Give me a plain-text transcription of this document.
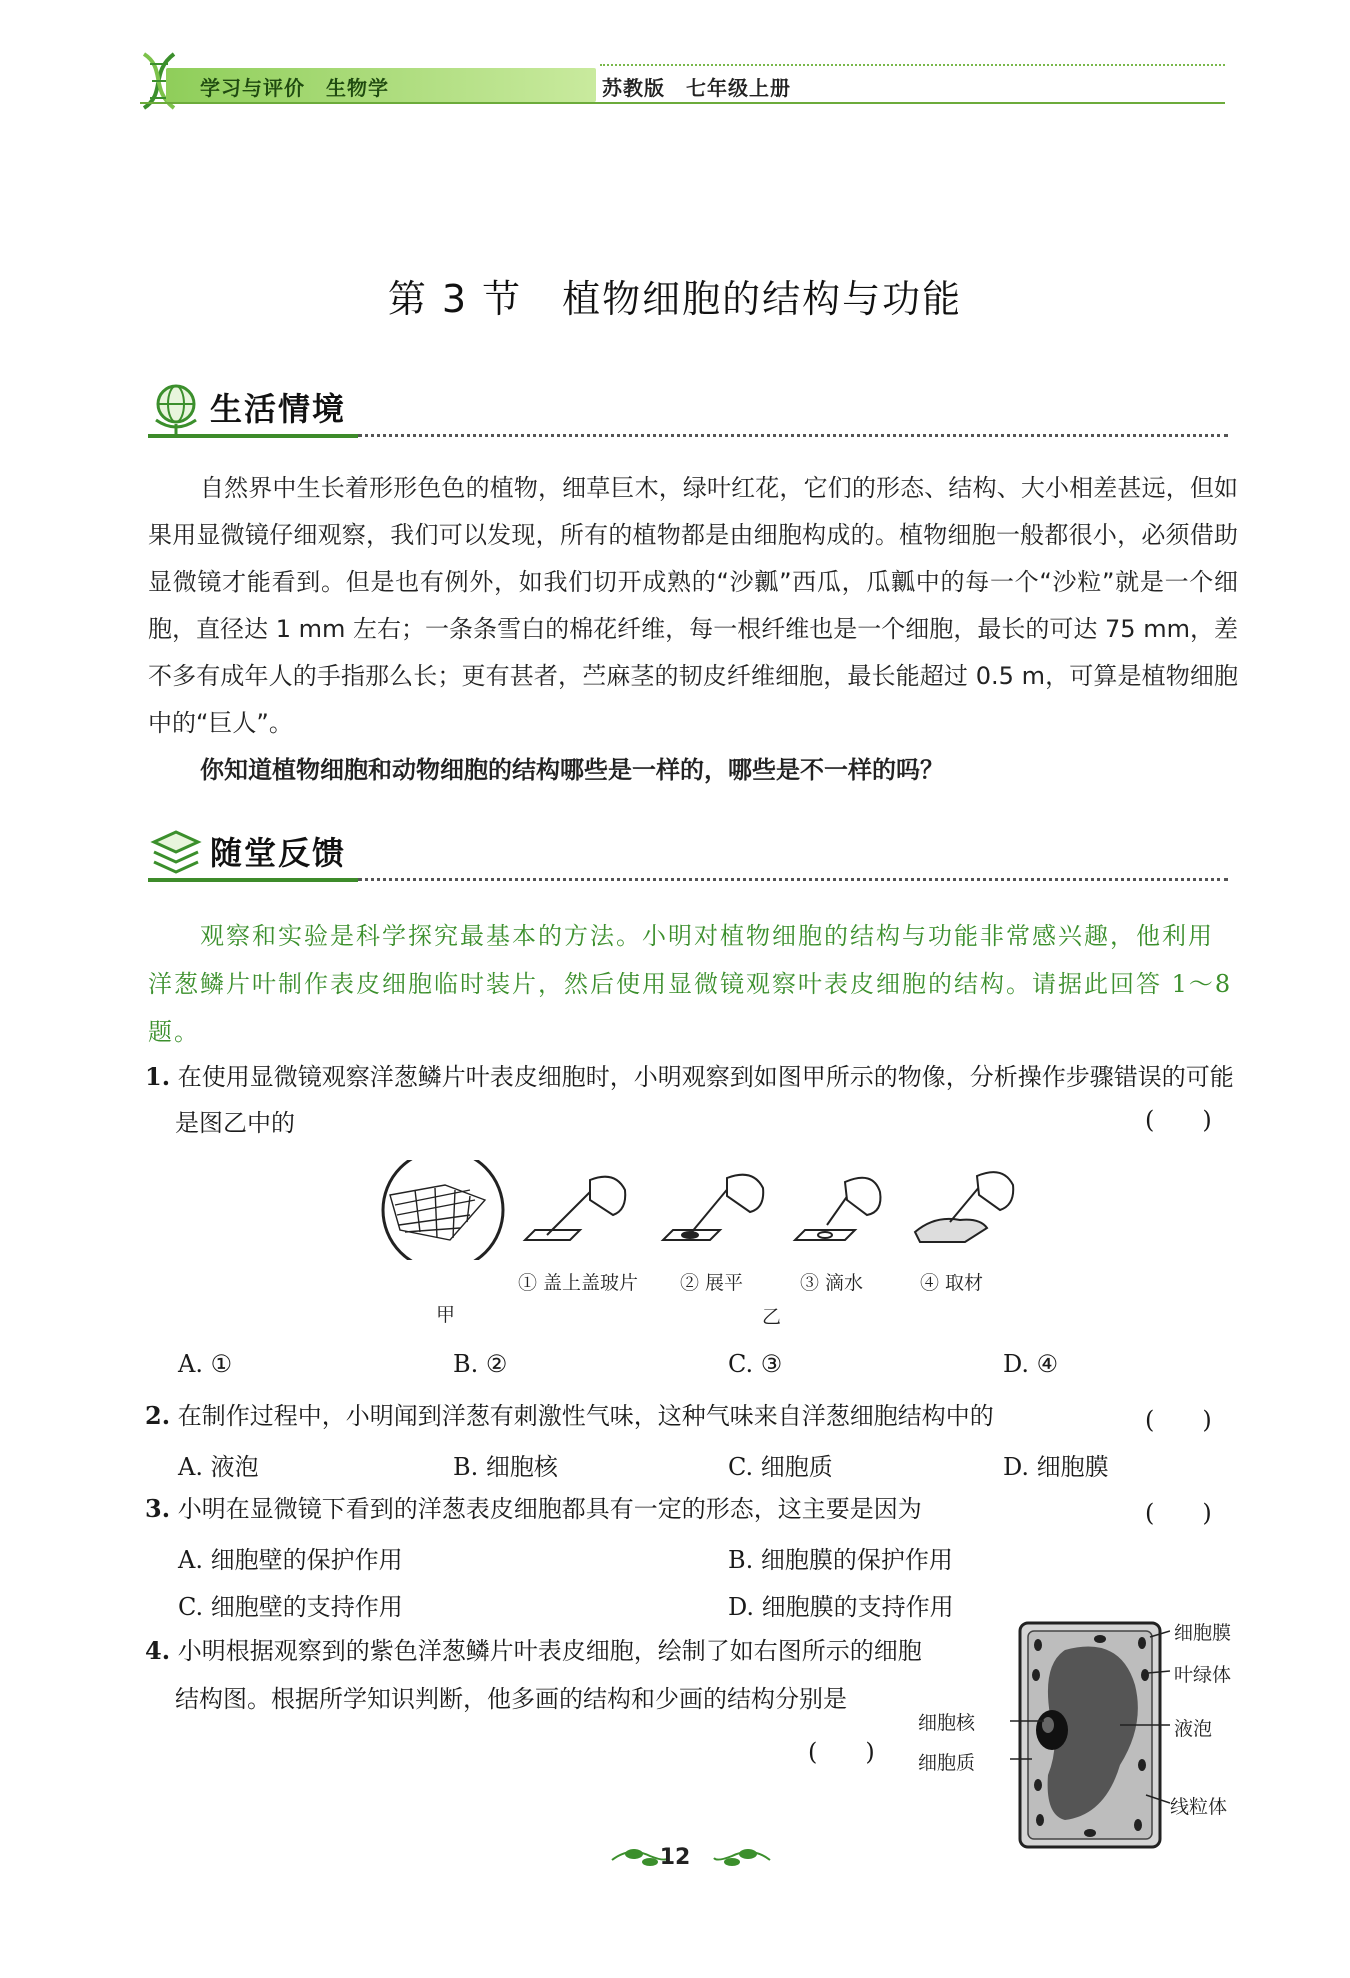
学习与评价　生物学	苏教版　七年级上册
第 3 节　植物细胞的结构与功能
生活情境

自然界中生长着形形色色的植物，细草巨木，绿叶红花，它们的形态、结构、大小相差甚远，但如果用显微镜仔细观察，我们可以发现，所有的植物都是由细胞构成的。植物细胞一般都很小，必须借助显微镜才能看到。但是也有例外，如我们切开成熟的“沙瓤”西瓜，瓜瓤中的每一个“沙粒”就是一个细胞，直径达 1 mm 左右；一条条雪白的棉花纤维，每一根纤维也是一个细胞，最长的可达 75 mm，差不多有成年人的手指那么长；更有甚者，苎麻茎的韧皮纤维细胞，最长能超过 0.5 m，可算是植物细胞中的“巨人”。

你知道植物细胞和动物细胞的结构哪些是一样的，哪些是不一样的吗？

随堂反馈
观察和实验是科学探究最基本的方法。小明对植物细胞的结构与功能非常感兴趣，他利用洋葱鳞片叶制作表皮细胞临时装片，然后使用显微镜观察叶表皮细胞的结构。请据此回答 1～8 题。
1. 在使用显微镜观察洋葱鳞片叶表皮细胞时，小明观察到如图甲所示的物像，分析操作步骤错误的可能是图乙中的	(　　)
① 盖上盖玻片 ② 展平	③ 滴水	④ 取材
甲	乙
A. ①	B. ②	C. ③	D. ④
2. 在制作过程中，小明闻到洋葱有刺激性气味，这种气味来自洋葱细胞结构中的	(　　)
A. 液泡	B. 细胞核	C. 细胞质	D. 细胞膜
3. 小明在显微镜下看到的洋葱表皮细胞都具有一定的形态，这主要是因为	(　　)
A. 细胞壁的保护作用	B. 细胞膜的保护作用
C. 细胞壁的支持作用	D. 细胞膜的支持作用
4. 小明根据观察到的紫色洋葱鳞片叶表皮细胞，绘制了如右图所示的细胞结构图。根据所学知识判断，他多画的结构和少画的结构分别是
(　　)
细胞膜
叶绿体
细胞核	液泡
细胞质
线粒体
12
